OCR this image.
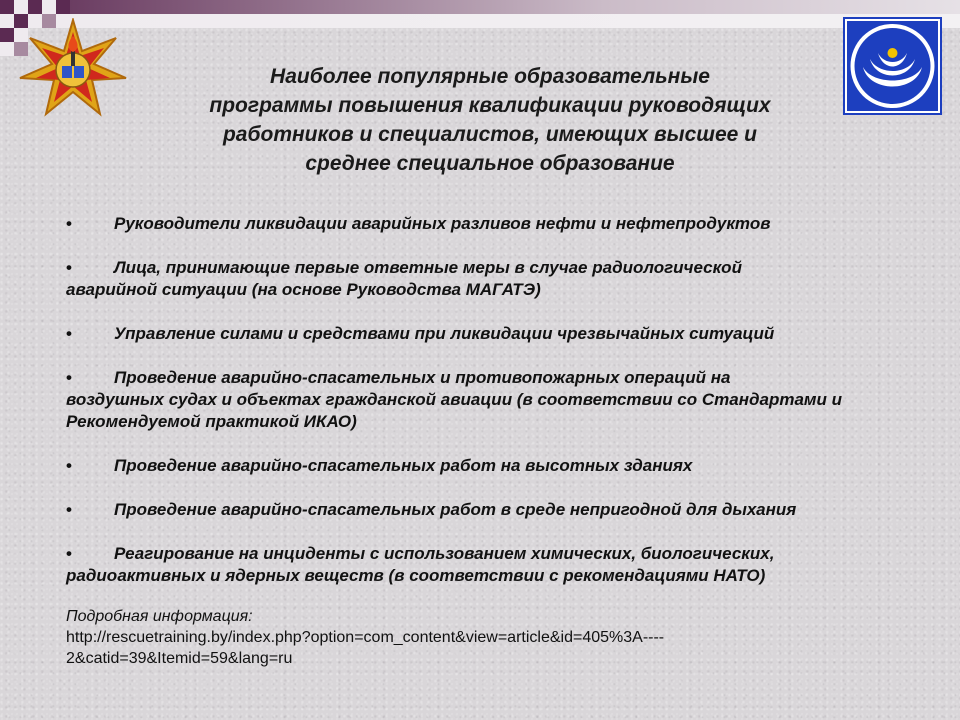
Наиболее популярные образовательные
программы повышения квалификации руководящих
работников и специалистов, имеющих высшее и
среднее специальное образование
• Руководители ликвидации аварийных разливов нефти и нефтепродуктов
• Лица, принимающие первые ответные меры в случае радиологической
аварийной ситуации (на основе Руководства МАГАТЭ)
• Управление силами и средствами при ликвидации чрезвычайных ситуаций
• Проведение аварийно-спасательных и противопожарных операций на
воздушных судах и объектах гражданской авиации (в соответствии со Стандартами и Рекомендуемой практикой ИКАО)
• Проведение аварийно-спасательных работ на высотных зданиях
• Проведение аварийно-спасательных работ в среде непригодной для дыхания
• Реагирование на инциденты с использованием химических, биологических,
радиоактивных и ядерных веществ (в соответствии с рекомендациями НАТО)
Подробная информация:
http://rescuetraining.by/index.php?option=com_content&view=article&id=405%3A----
2&catid=39&Itemid=59&lang=ru
